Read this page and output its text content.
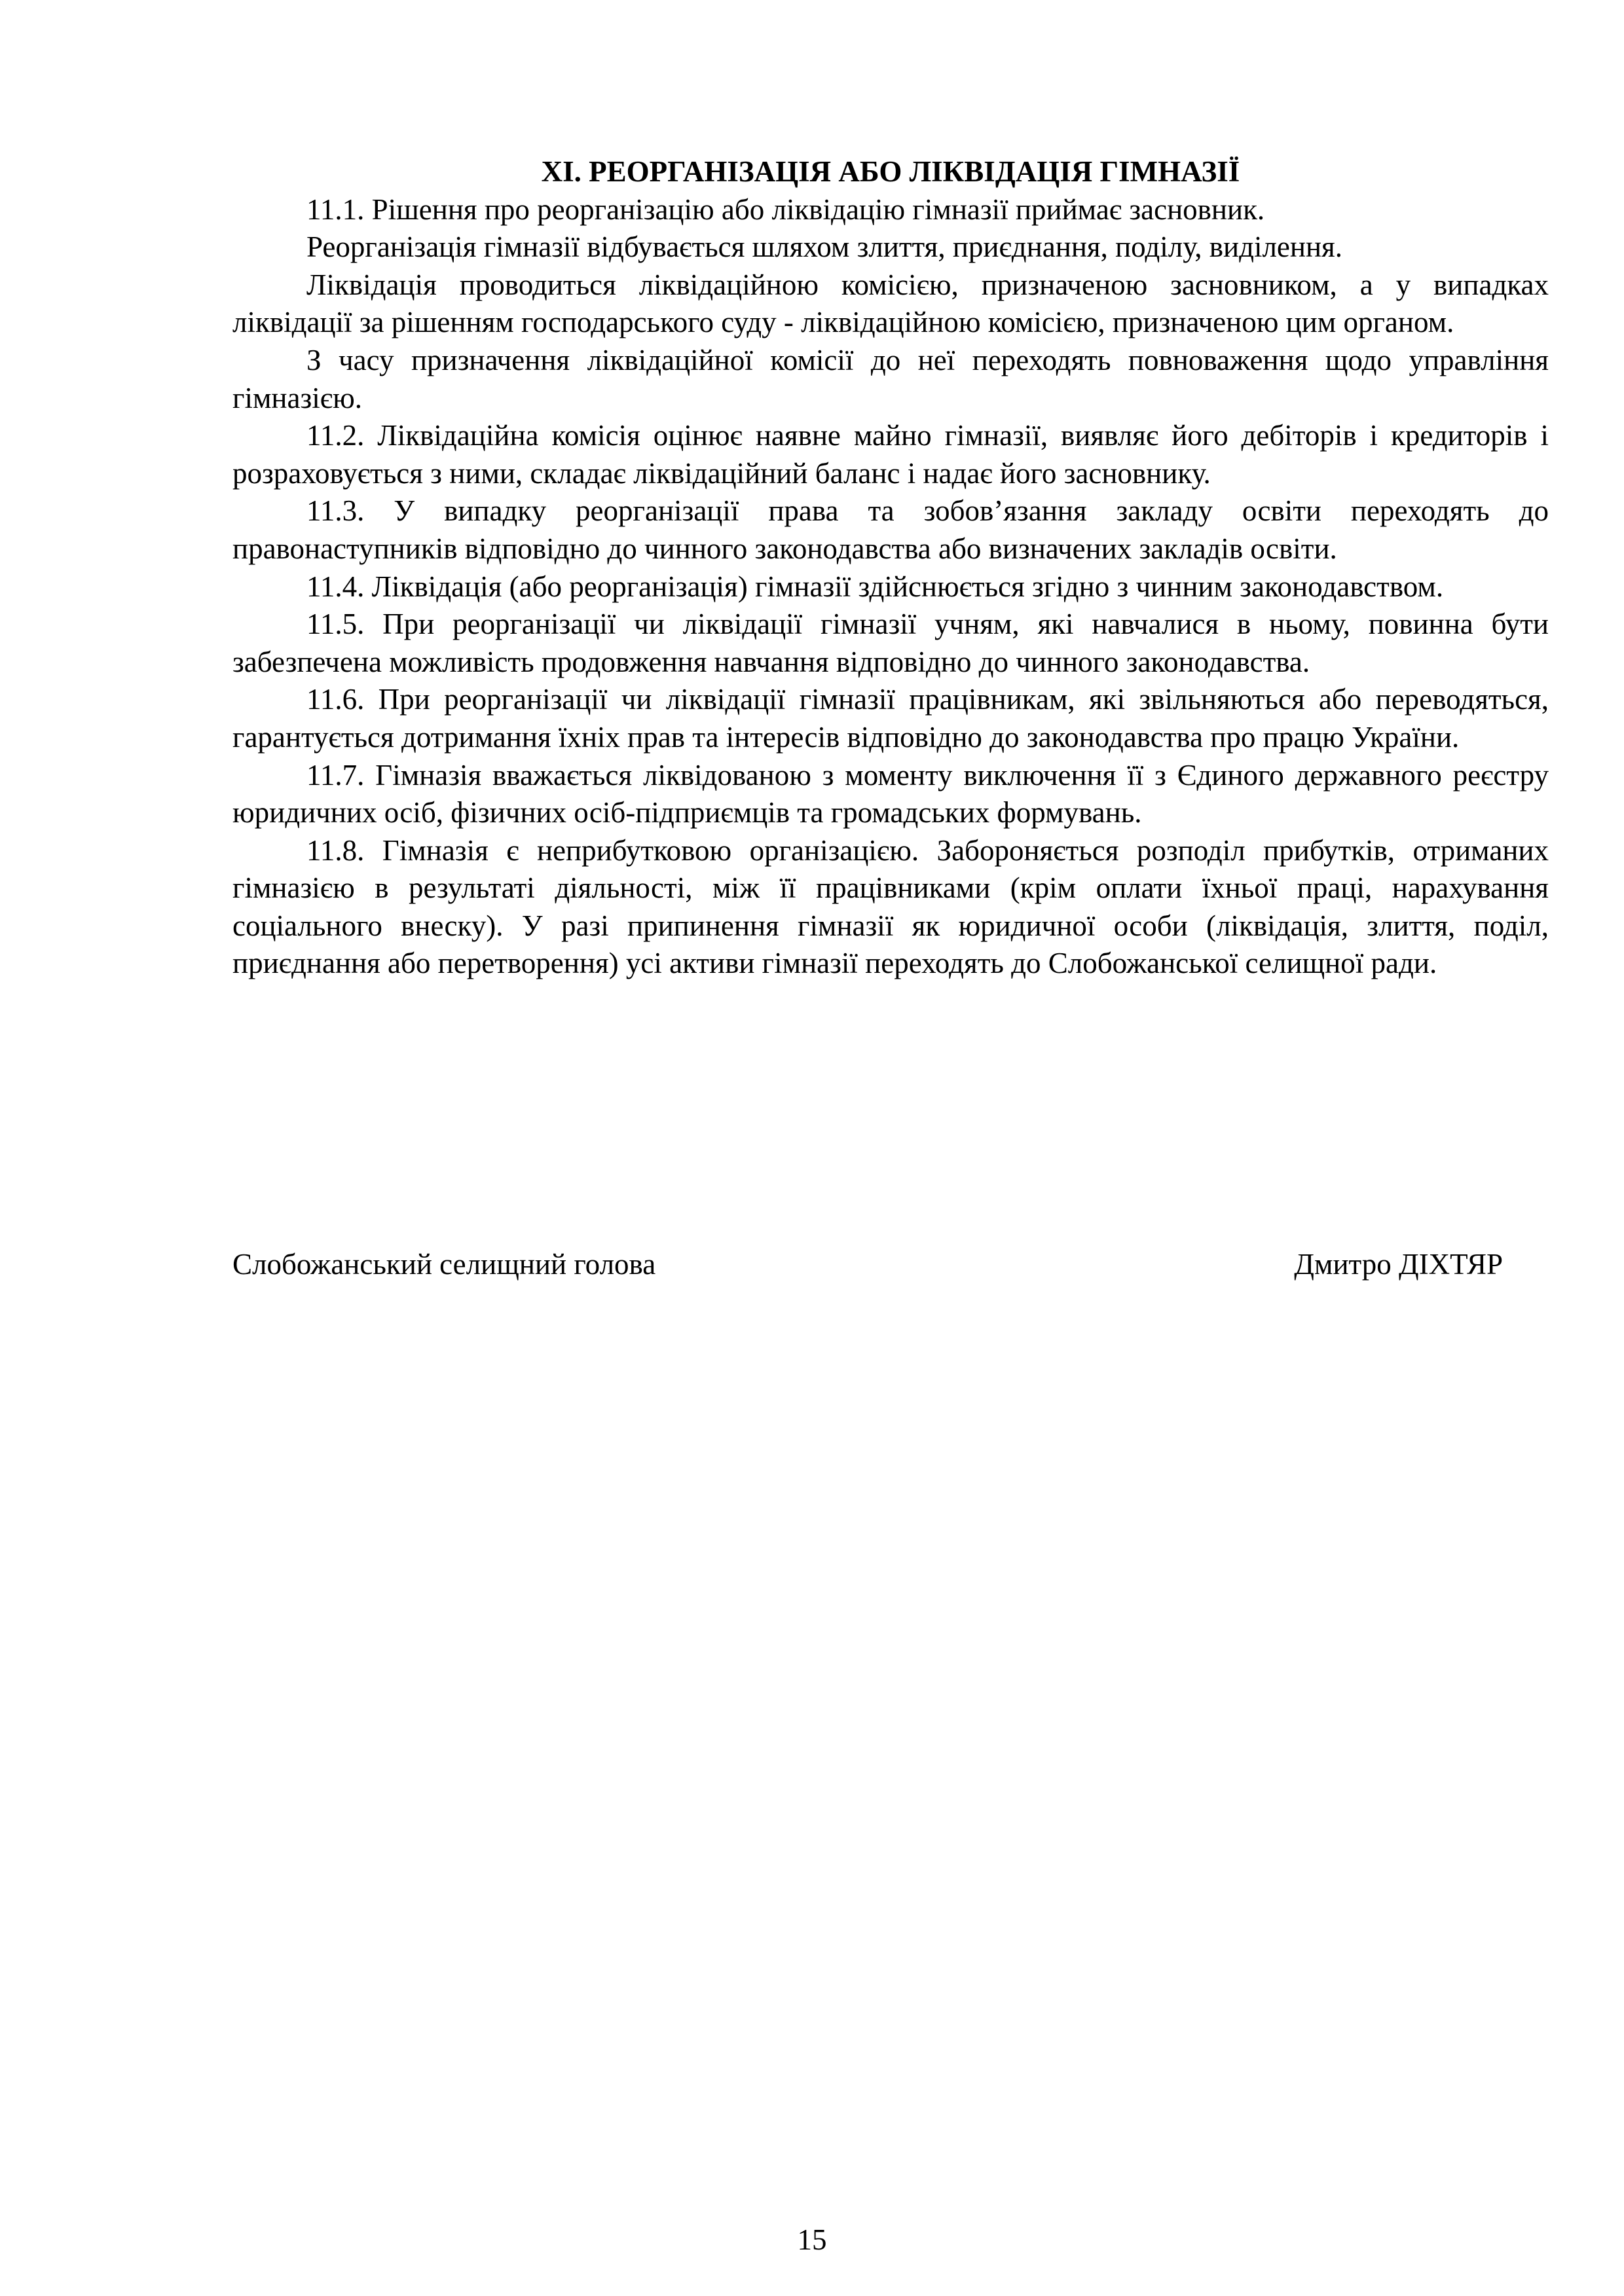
ХІ. РЕОРГАНІЗАЦІЯ АБО ЛІКВІДАЦІЯ ГІМНАЗІЇ

11.1. Рішення про реорганізацію або ліквідацію гімназії приймає засновник.

Реорганізація гімназії відбувається шляхом злиття, приєднання, поділу, виділення.

Ліквідація проводиться ліквідаційною комісією, призначеною засновником, а у випадках ліквідації за рішенням господарського суду - ліквідаційною комісією, призначеною цим органом.

З часу призначення ліквідаційної комісії до неї переходять повноваження щодо управління гімназією.

11.2. Ліквідаційна комісія оцінює наявне майно гімназії, виявляє його дебіторів і кредиторів і розраховується з ними, складає ліквідаційний баланс і надає його засновнику.

11.3. У випадку реорганізації права та зобов’язання закладу освіти переходять до правонаступників відповідно до чинного законодавства або визначених закладів освіти.

11.4. Ліквідація (або реорганізація) гімназії здійснюється згідно з чинним законодавством.

11.5. При реорганізації чи ліквідації гімназії учням, які навчалися в ньому, повинна бути забезпечена можливість продовження навчання відповідно до чинного законодавства.

11.6. При реорганізації чи ліквідації гімназії працівникам, які звільняються або переводяться, гарантується дотримання їхніх прав та інтересів відповідно до законодавства про працю України.

11.7. Гімназія вважається ліквідованою з моменту виключення її з Єдиного державного реєстру юридичних осіб, фізичних осіб-підприємців та громадських формувань.

11.8. Гімназія є неприбутковою організацією. Забороняється розподіл прибутків, отриманих гімназією в результаті діяльності, між її працівниками (крім оплати їхньої праці, нарахування соціального внеску). У разі припинення гімназії як юридичної особи (ліквідація, злиття, поділ, приєднання або перетворення) усі активи гімназії переходять до Слобожанської селищної ради.

Слобожанський селищний голова	Дмитро ДІХТЯР
15
